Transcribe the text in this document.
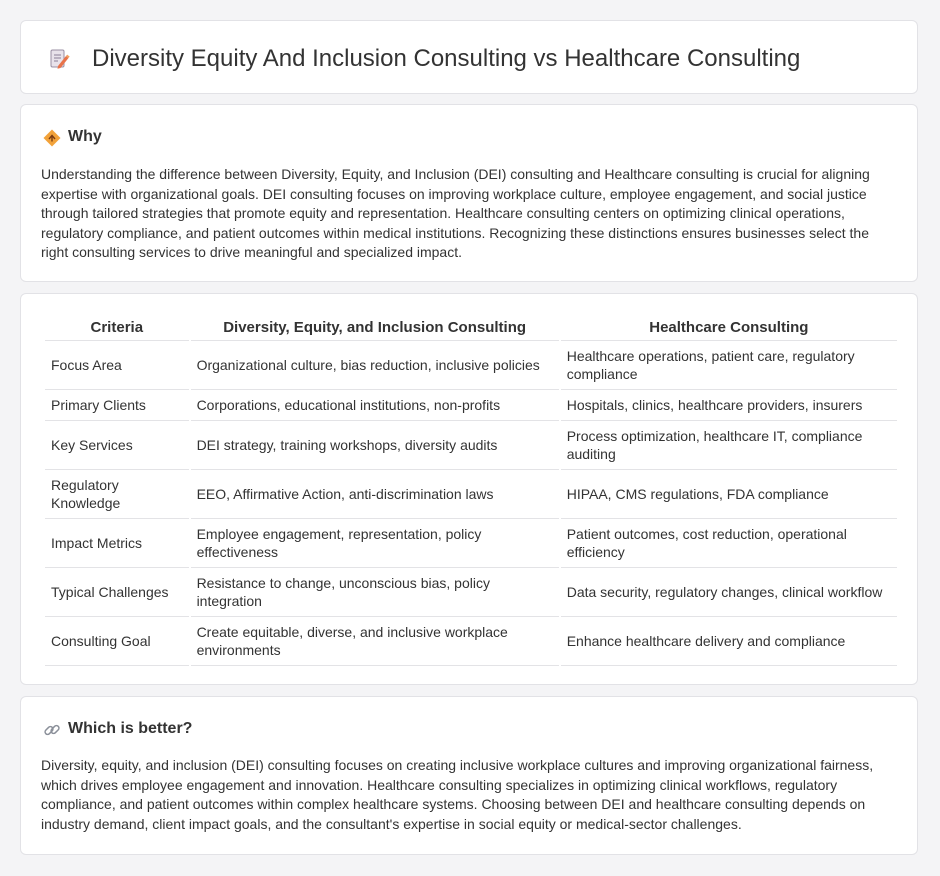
Diversity Equity And Inclusion Consulting vs Healthcare Consulting
Why

Understanding the difference between Diversity, Equity, and Inclusion (DEI) consulting and Healthcare consulting is crucial for aligning expertise with organizational goals. DEI consulting focuses on improving workplace culture, employee engagement, and social justice through tailored strategies that promote equity and representation. Healthcare consulting centers on optimizing clinical operations, regulatory compliance, and patient outcomes within medical institutions. Recognizing these distinctions ensures businesses select the right consulting services to drive meaningful and specialized impact.

Criteria	Diversity, Equity, and Inclusion Consulting	Healthcare Consulting
Focus Area	Organizational culture, bias reduction, inclusive policies	Healthcare operations, patient care, regulatory compliance
Primary Clients	Corporations, educational institutions, non-profits	Hospitals, clinics, healthcare providers, insurers
Key Services	DEI strategy, training workshops, diversity audits	Process optimization, healthcare IT, compliance auditing
Regulatory Knowledge	EEO, Affirmative Action, anti-discrimination laws	HIPAA, CMS regulations, FDA compliance
Impact Metrics	Employee engagement, representation, policy effectiveness	Patient outcomes, cost reduction, operational efficiency
Typical Challenges	Resistance to change, unconscious bias, policy integration	Data security, regulatory changes, clinical workflow
Consulting Goal	Create equitable, diverse, and inclusive workplace environments	Enhance healthcare delivery and compliance
Which is better?

Diversity, equity, and inclusion (DEI) consulting focuses on creating inclusive workplace cultures and improving organizational fairness, which drives employee engagement and innovation. Healthcare consulting specializes in optimizing clinical workflows, regulatory compliance, and patient outcomes within complex healthcare systems. Choosing between DEI and healthcare consulting depends on industry demand, client impact goals, and the consultant's expertise in social equity or medical-sector challenges.
